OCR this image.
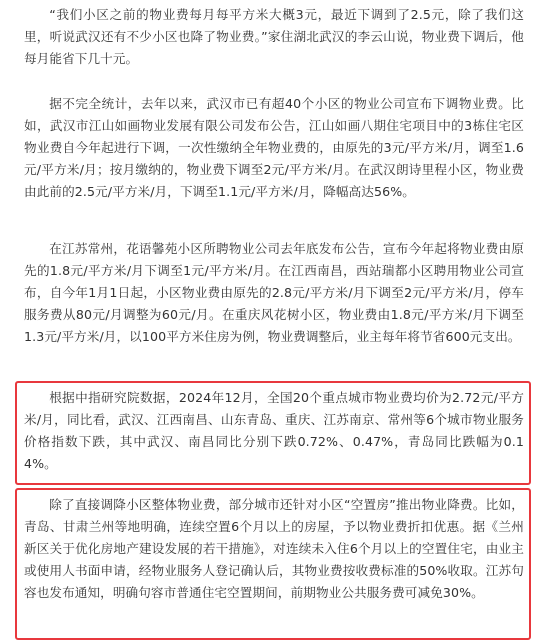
“我们小区之前的物业费每月每平方米大概3元，最近下调到了2.5元，除了我们这里，听说武汉还有不少小区也降了物业费。”家住湖北武汉的李云山说，物业费下调后，他每月能省下几十元。

据不完全统计，去年以来，武汉市已有超40个小区的物业公司宣布下调物业费。比如，武汉市江山如画物业发展有限公司发布公告，江山如画八期住宅项目中的3栋住宅区物业费自今年起进行下调，一次性缴纳全年物业费的，由原先的3元/平方米/月，调至1.6元/平方米/月；按月缴纳的，物业费下调至2元/平方米/月。在武汉朗诗里程小区，物业费由此前的2.5元/平方米/月，下调至1.1元/平方米/月，降幅高达56%。

在江苏常州，花语馨苑小区所聘物业公司去年底发布公告，宣布今年起将物业费由原先的1.8元/平方米/月下调至1元/平方米/月。在江西南昌，西站瑞都小区聘用物业公司宣布，自今年1月1日起，小区物业费由原先的2.8元/平方米/月下调至2元/平方米/月，停车服务费从80元/月调整为60元/月。在重庆风花树小区，物业费由1.8元/平方米/月下调至1.3元/平方米/月，以100平方米住房为例，物业费调整后，业主每年将节省600元支出。

根据中指研究院数据，2024年12月，全国20个重点城市物业费均价为2.72元/平方米/月，同比看，武汉、江西南昌、山东青岛、重庆、江苏南京、常州等6个城市物业服务价格指数下跌，其中武汉、南昌同比分别下跌0.72%、0.47%，青岛同比跌幅为0.14%。

除了直接调降小区整体物业费，部分城市还针对小区“空置房”推出物业降费。比如，青岛、甘肃兰州等地明确，连续空置6个月以上的房屋，予以物业费折扣优惠。据《兰州新区关于优化房地产建设发展的若干措施》，对连续未入住6个月以上的空置住宅，由业主或使用人书面申请，经物业服务人登记确认后，其物业费按收费标准的50%收取。江苏句容也发布通知，明确句容市普通住宅空置期间，前期物业公共服务费可减免30%。
